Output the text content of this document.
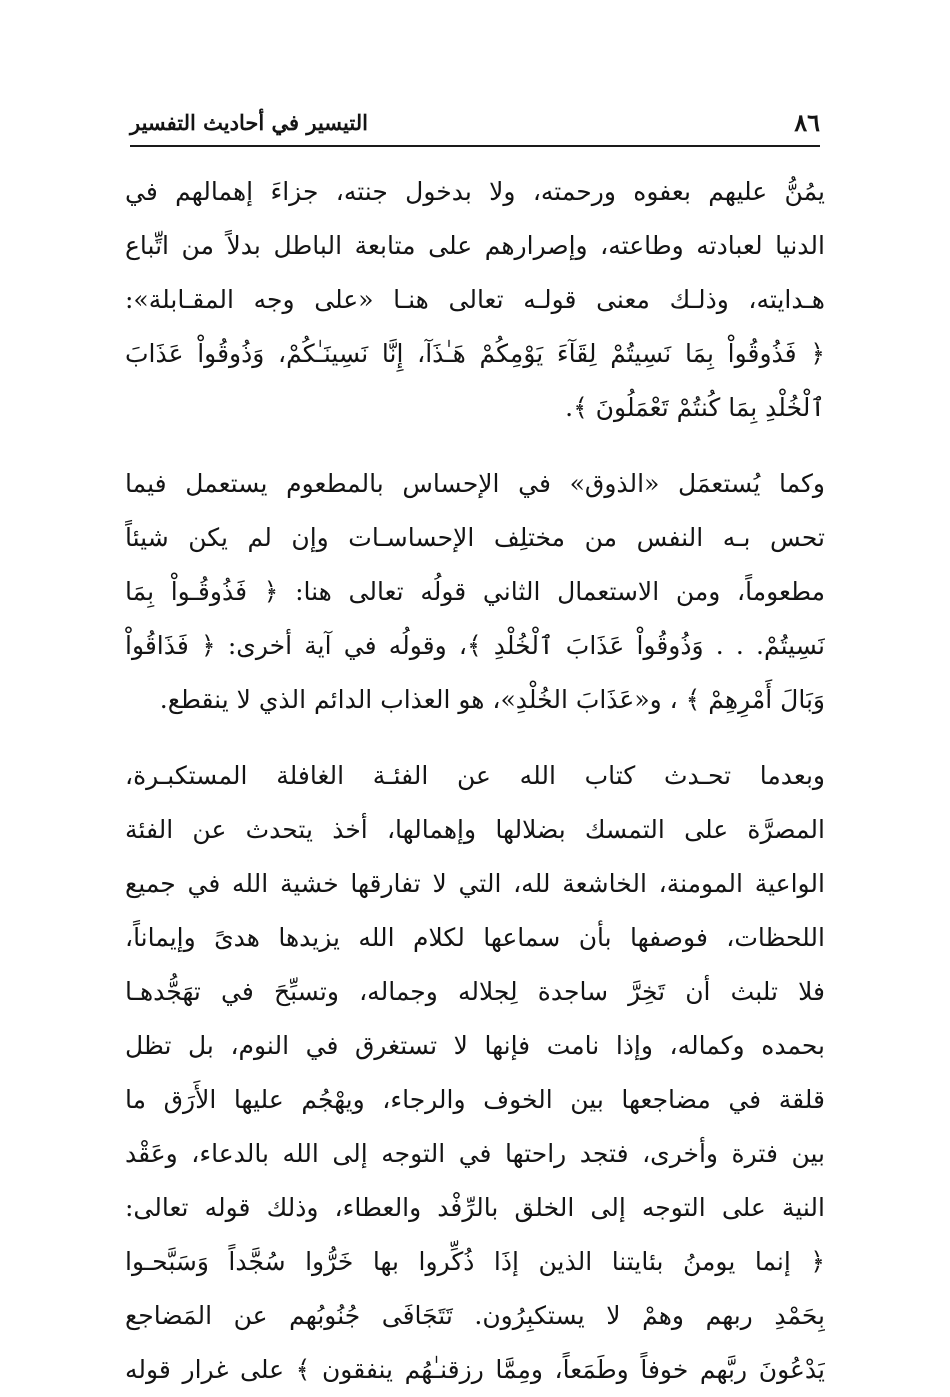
٨٦
التيسير في أحاديث التفسير
يمُنُّ عليهم بعفوه ورحمته، ولا بدخول جنته، جزاءَ إهمالهم في
الدنيا لعبادته وطاعته، وإصرارهم على متابعة الباطل بدلاً من اتِّباع
هـدايته، وذلـك معنى قولـه تعالى هنـا «على وجه المقـابلة»:
﴿ فَذُوقُواْ بِمَا نَسِيتُمْ لِقَآءَ يَوْمِكُمْ هَـٰذَآ، إِنَّا نَسِينَـٰكُمْ، وَذُوقُواْ عَذَابَ
ٱلْخُلْدِ بِمَا كُنتُمْ تَعْمَلُونَ ﴾.
وكما يُستعمَل «الذوق» في الإحساس بالمطعوم يستعمل فيما
تحس بـه النفس من مختلِف الإحساسـات وإن لم يكن شيئاً
مطعوماً، ومن الاستعمال الثاني قولُه تعالى هنا: ﴿ فَذُوقُـواْ بِمَا
نَسِيتُمْ. . . وَذُوقُواْ عَذَابَ ٱلْخُلْدِ ﴾، وقولُه في آية أخرى: ﴿ فَذَاقُواْ
وَبَالَ أَمْرِهِمْ ﴾ ، و«عَذَابَ الخُلْدِ»، هو العذاب الدائم الذي لا ينقطع.
وبعدما تحـدث كتاب الله عن الفئـة الغافلة المستكبـرة،
المصرَّة على التمسك بضلالها وإهمالها، أخذ يتحدث عن الفئة
الواعية المومنة، الخاشعة لله، التي لا تفارقها خشية الله في جميع
اللحظات، فوصفها بأن سماعها لكلام الله يزيدها هدىً وإيماناً،
فلا تلبث أن تَخِرَّ ساجدة لِجلاله وجماله، وتسبِّحَ في تهَجُّدهـا
بحمده وكماله، وإذا نامت فإنها لا تستغرق في النوم، بل تظل
قلقة في مضاجعها بين الخوف والرجاء، ويهْجُم عليها الأَرَق ما
بين فترة وأخرى، فتجد راحتها في التوجه إلى الله بالدعاء، وعَقْد
النية على التوجه إلى الخلق بالرِّفْد والعطاء، وذلك قوله تعالى:
﴿ إنما يومنُ بئايتنا الذين إذَا ذُكِّروا بها خَرُّوا سُجَّداً وَسَبَّحـوا
بِحَمْدِ ربهم وهمْ لا يستكبِرُون. تَتَجَافَى جُنُوبُهم عن المَضاجع
يَدْعُونَ ربَّهم خوفاً وطَمَعاً، ومِمَّا رزقنـٰهُم ينفقون ﴾ على غرار قوله
